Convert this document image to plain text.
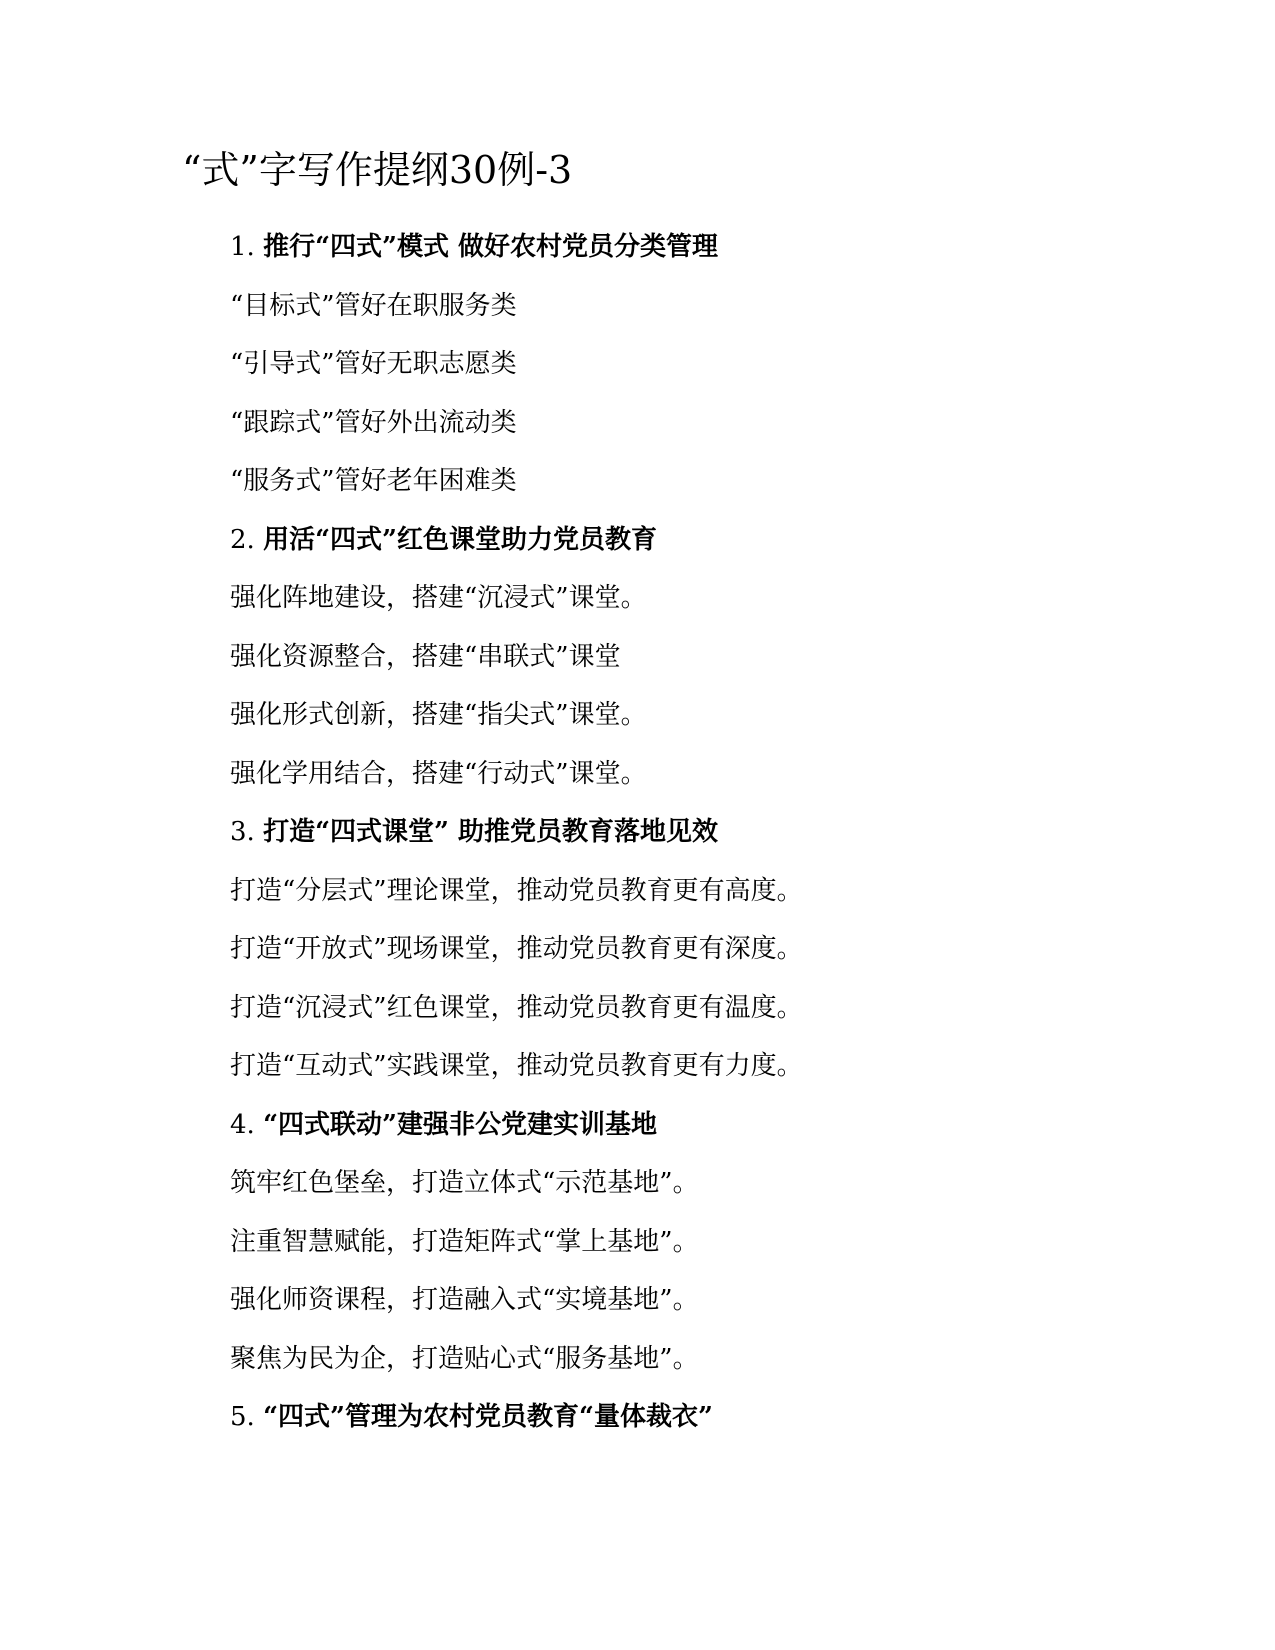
“式”字写作提纲30例-3
1. 推行“四式”模式 做好农村党员分类管理
“目标式”管好在职服务类
“引导式”管好无职志愿类
“跟踪式”管好外出流动类
“服务式”管好老年困难类
2. 用活“四式”红色课堂助力党员教育
强化阵地建设，搭建“沉浸式”课堂。
强化资源整合，搭建“串联式”课堂
强化形式创新，搭建“指尖式”课堂。
强化学用结合，搭建“行动式”课堂。
3. 打造“四式课堂” 助推党员教育落地见效
打造“分层式”理论课堂，推动党员教育更有高度。
打造“开放式”现场课堂，推动党员教育更有深度。
打造“沉浸式”红色课堂，推动党员教育更有温度。
打造“互动式”实践课堂，推动党员教育更有力度。
4. “四式联动”建强非公党建实训基地
筑牢红色堡垒，打造立体式“示范基地”。
注重智慧赋能，打造矩阵式“掌上基地”。
强化师资课程，打造融入式“实境基地”。
聚焦为民为企，打造贴心式“服务基地”。
5. “四式”管理为农村党员教育“量体裁衣”
